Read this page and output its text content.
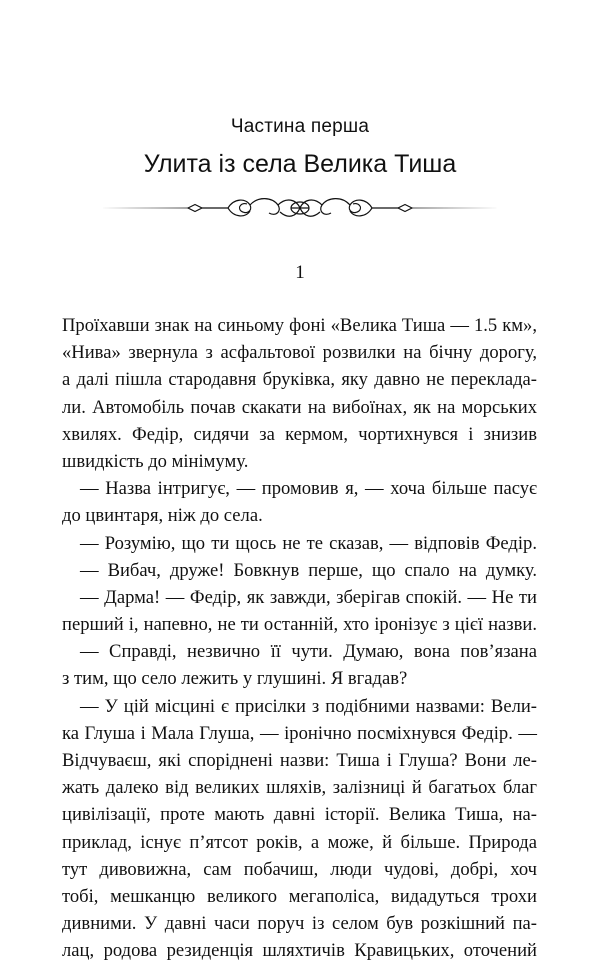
Частина перша
Улита із села Велика Тиша
1
Проїхавши знак на синьому фоні «Велика Тиша — 1.5 км»,
«Нива» звернула з асфальтової розвилки на бічну дорогу,
а далі пішла стародавня бруківка, яку давно не переклада-
ли. Автомобіль почав скакати на вибоїнах, як на морських
хвилях. Федір, сидячи за кермом, чортихнувся і знизив
швидкість до мінімуму.
— Назва інтригує, — промовив я, — хоча більше пасує
до цвинтаря, ніж до села.
— Розумію, що ти щось не те сказав, — відповів Федір.
— Вибач, друже! Бовкнув перше, що спало на думку.
— Дарма! — Федір, як завжди, зберігав спокій. — Не ти
перший і, напевно, не ти останній, хто іронізує з цієї назви.
— Справді, незвично її чути. Думаю, вона пов’язана
з тим, що село лежить у глушині. Я вгадав?
— У цій місцині є присілки з подібними назвами: Вели-
ка Глуша і Мала Глуша, — іронічно посміхнувся Федір. —
Відчуваєш, які споріднені назви: Тиша і Глуша? Вони ле-
жать далеко від великих шляхів, залізниці й багатьох благ
цивілізації, проте мають давні історії. Велика Тиша, на-
приклад, існує п’ятсот років, а може, й більше. Природа
тут дивовижна, сам побачиш, люди чудові, добрі, хоч
тобі, мешканцю великого мегаполіса, видадуться трохи
дивними. У давні часи поруч із селом був розкішний па-
лац, родова резиденція шляхтичів Кравицьких, оточений
